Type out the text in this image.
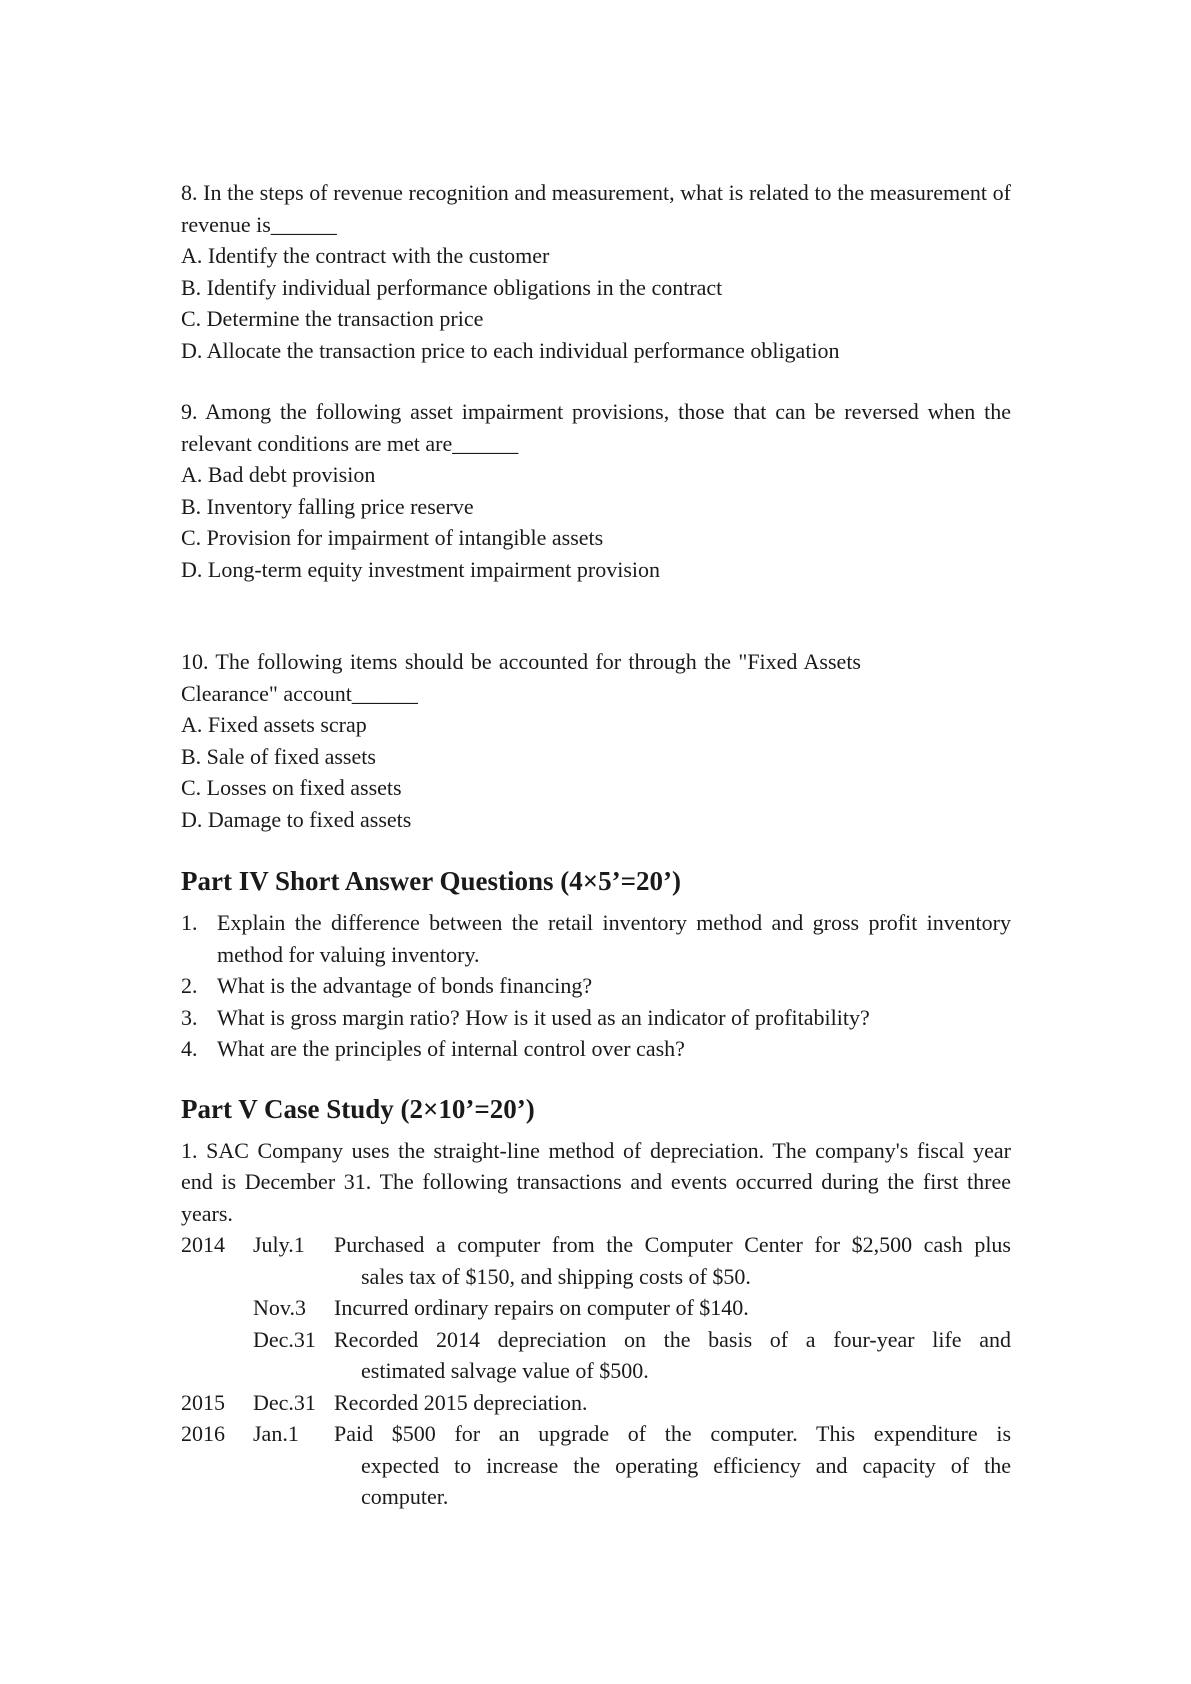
8. In the steps of revenue recognition and measurement, what is related to the measurement of revenue is______
A. Identify the contract with the customer
B. Identify individual performance obligations in the contract
C. Determine the transaction price
D. Allocate the transaction price to each individual performance obligation
9. Among the following asset impairment provisions, those that can be reversed when the relevant conditions are met are______
A. Bad debt provision
B. Inventory falling price reserve
C. Provision for impairment of intangible assets
D. Long-term equity investment impairment provision
10. The following items should be accounted for through the "Fixed Assets Clearance" account______
A. Fixed assets scrap
B. Sale of fixed assets
C. Losses on fixed assets
D. Damage to fixed assets
Part IV Short Answer Questions (4×5’=20’)
1. Explain the difference between the retail inventory method and gross profit inventory method for valuing inventory.
2. What is the advantage of bonds financing?
3. What is gross margin ratio? How is it used as an indicator of profitability?
4. What are the principles of internal control over cash?
Part V Case Study (2×10’=20’)
1. SAC Company uses the straight-line method of depreciation. The company's fiscal year end is December 31. The following transactions and events occurred during the first three years.
2014	July.1	Purchased a computer from the Computer Center for $2,500 cash plus
sales tax of $150, and shipping costs of $50.
Nov.3	Incurred ordinary repairs on computer of $140.
Dec.31 Recorded 2014 depreciation on the basis of a four-year life and
estimated salvage value of $500.
2015	Dec.31 Recorded 2015 depreciation.
2016	Jan.1	Paid $500 for an upgrade of the computer. This expenditure is
expected to increase the operating efficiency and capacity of the computer.
